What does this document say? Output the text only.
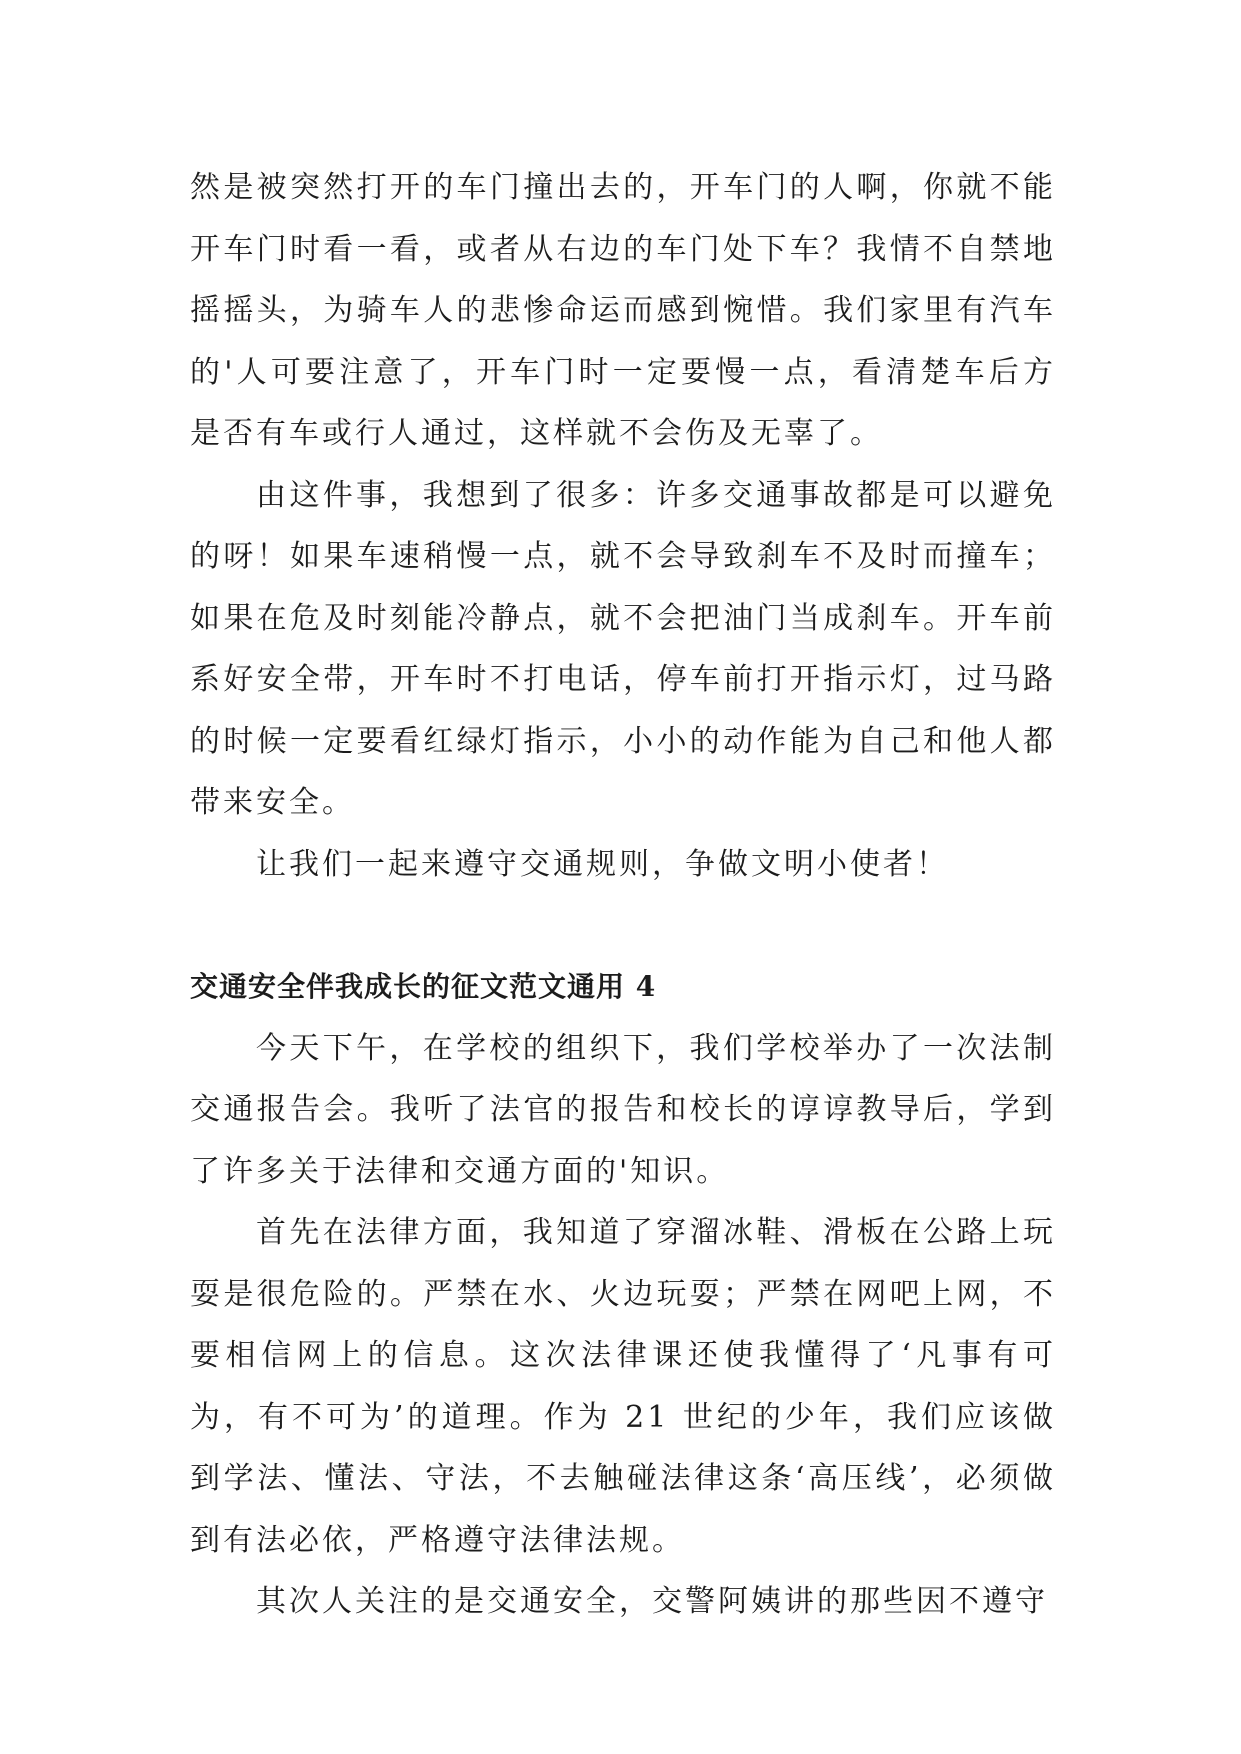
然是被突然打开的车门撞出去的，开车门的人啊，你就不能开车门时看一看，或者从右边的车门处下车？我情不自禁地摇摇头，为骑车人的悲惨命运而感到惋惜。我们家里有汽车的'人可要注意了，开车门时一定要慢一点，看清楚车后方是否有车或行人通过，这样就不会伤及无辜了。

由这件事，我想到了很多：许多交通事故都是可以避免的呀！如果车速稍慢一点，就不会导致刹车不及时而撞车；如果在危及时刻能冷静点，就不会把油门当成刹车。开车前系好安全带，开车时不打电话，停车前打开指示灯，过马路的时候一定要看红绿灯指示，小小的动作能为自己和他人都带来安全。

让我们一起来遵守交通规则，争做文明小使者！

交通安全伴我成长的征文范文通用 4

今天下午，在学校的组织下，我们学校举办了一次法制交通报告会。我听了法官的报告和校长的谆谆教导后，学到了许多关于法律和交通方面的'知识。

首先在法律方面，我知道了穿溜冰鞋、滑板在公路上玩耍是很危险的。严禁在水、火边玩耍；严禁在网吧上网，不要相信网上的信息。这次法律课还使我懂得了‘凡事有可为，有不可为’的道理。作为 21 世纪的少年，我们应该做到学法、懂法、守法，不去触碰法律这条‘高压线’，必须做到有法必依，严格遵守法律法规。

其次人关注的是交通安全，交警阿姨讲的那些因不遵守
